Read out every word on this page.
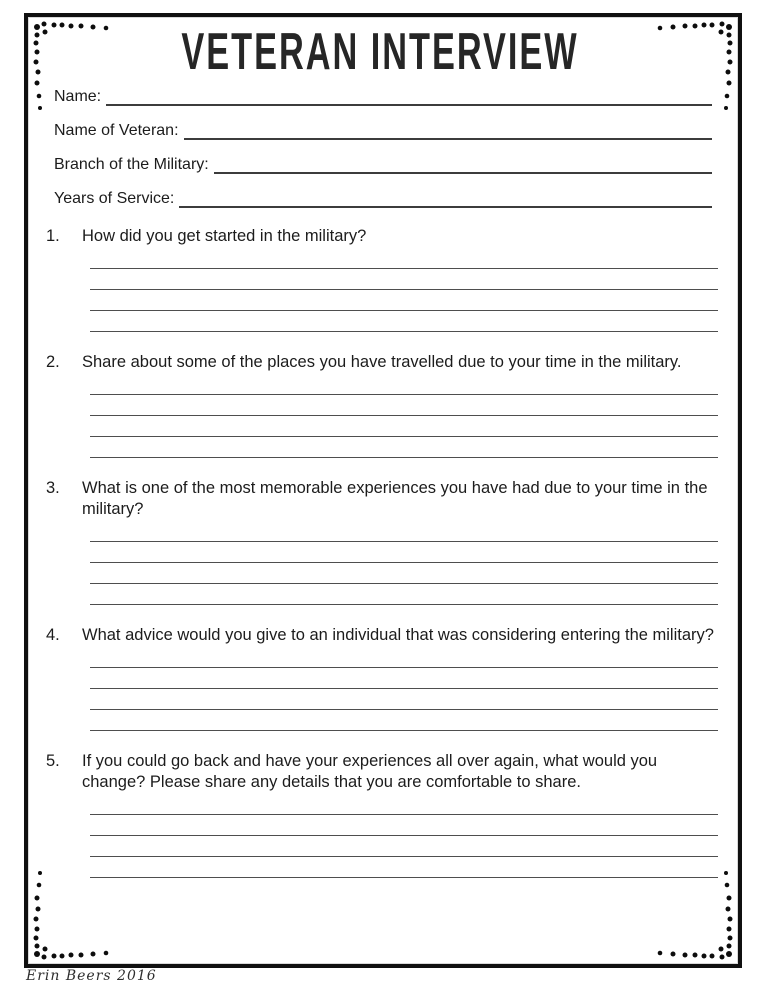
VETERAN INTERVIEW
Name:
Name of Veteran:
Branch of the Military:
Years of Service:
1.	How did you get started in the military?
2.	Share about some of the places you have travelled due to your time in the military.
3.	What is one of the most memorable experiences you have had due to your time in the military?
4.	What advice would you give to an individual that was considering entering the military?
5.	If you could go back and have your experiences all over again, what would you change? Please share any details that you are comfortable to share.
Erin Beers 2016
